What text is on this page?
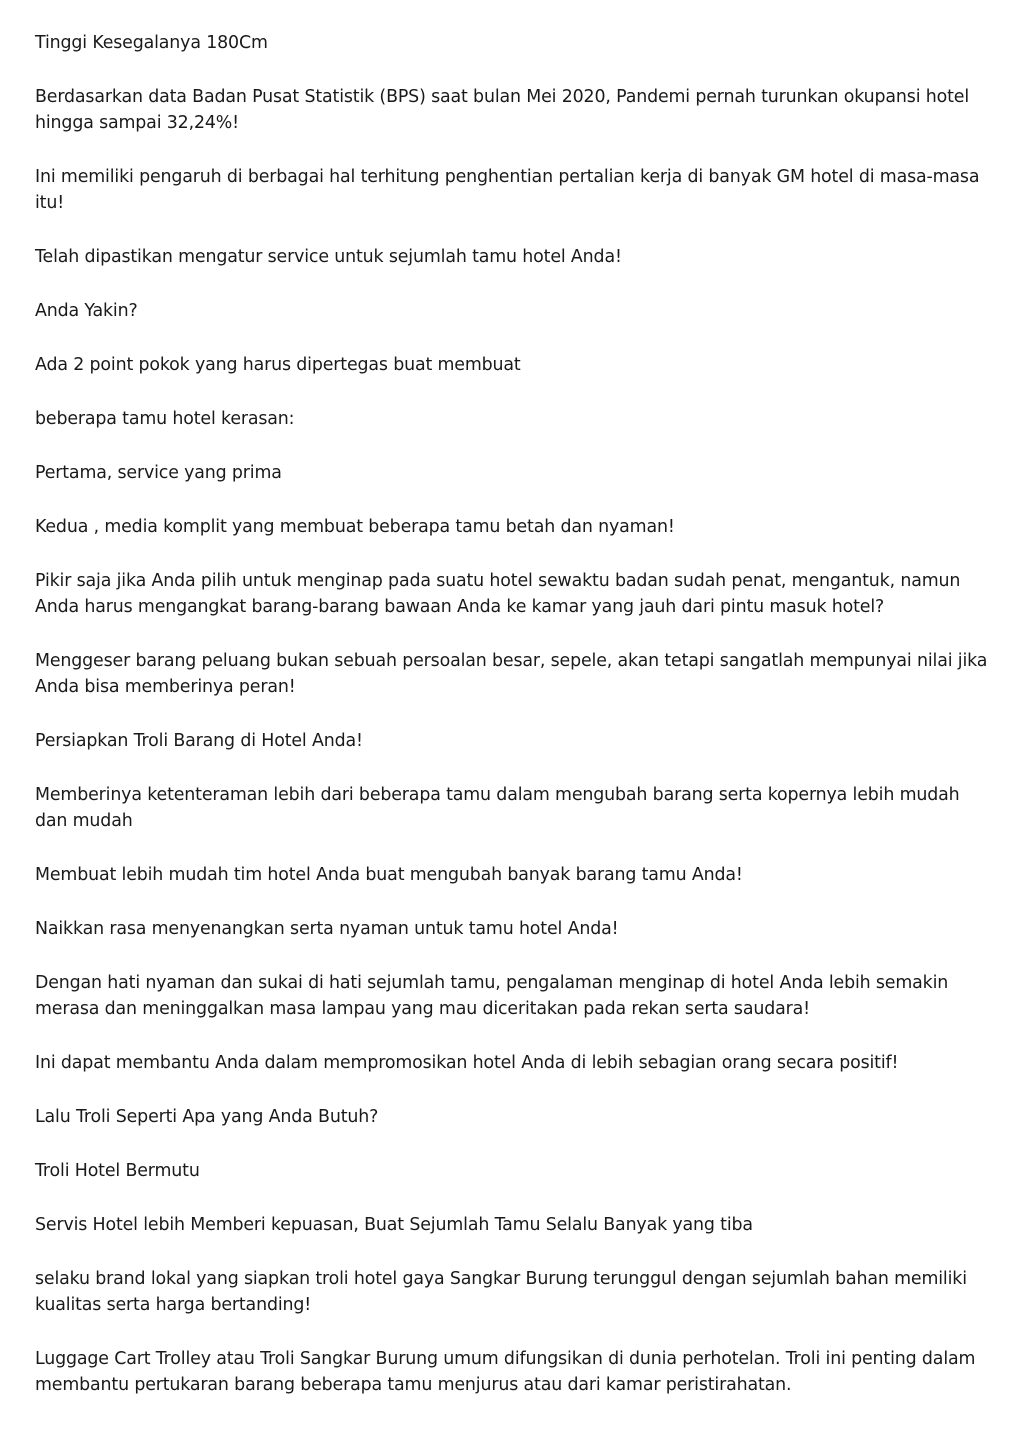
Tinggi Kesegalanya 180Cm

Berdasarkan data Badan Pusat Statistik (BPS) saat bulan Mei 2020, Pandemi pernah turunkan okupansi hotel hingga sampai 32,24%!

Ini memiliki pengaruh di berbagai hal terhitung penghentian pertalian kerja di banyak GM hotel di masa-masa itu!

Telah dipastikan mengatur service untuk sejumlah tamu hotel Anda!

Anda Yakin?

Ada 2 point pokok yang harus dipertegas buat membuat

beberapa tamu hotel kerasan:

Pertama, service yang prima

Kedua , media komplit yang membuat beberapa tamu betah dan nyaman!

Pikir saja jika Anda pilih untuk menginap pada suatu hotel sewaktu badan sudah penat, mengantuk, namun Anda harus mengangkat barang-barang bawaan Anda ke kamar yang jauh dari pintu masuk hotel?

Menggeser barang peluang bukan sebuah persoalan besar, sepele, akan tetapi sangatlah mempunyai nilai jika Anda bisa memberinya peran!

Persiapkan Troli Barang di Hotel Anda!

Memberinya ketenteraman lebih dari beberapa tamu dalam mengubah barang serta kopernya lebih mudah dan mudah

Membuat lebih mudah tim hotel Anda buat mengubah banyak barang tamu Anda!

Naikkan rasa menyenangkan serta nyaman untuk tamu hotel Anda!

Dengan hati nyaman dan sukai di hati sejumlah tamu, pengalaman menginap di hotel Anda lebih semakin merasa dan meninggalkan masa lampau yang mau diceritakan pada rekan serta saudara!

Ini dapat membantu Anda dalam mempromosikan hotel Anda di lebih sebagian orang secara positif!

Lalu Troli Seperti Apa yang Anda Butuh?

Troli Hotel Bermutu

Servis Hotel lebih Memberi kepuasan, Buat Sejumlah Tamu Selalu Banyak yang tiba

selaku brand lokal yang siapkan troli hotel gaya Sangkar Burung terunggul dengan sejumlah bahan memiliki kualitas serta harga bertanding!

Luggage Cart Trolley atau Troli Sangkar Burung umum difungsikan di dunia perhotelan. Troli ini penting dalam membantu pertukaran barang beberapa tamu menjurus atau dari kamar peristirahatan.
